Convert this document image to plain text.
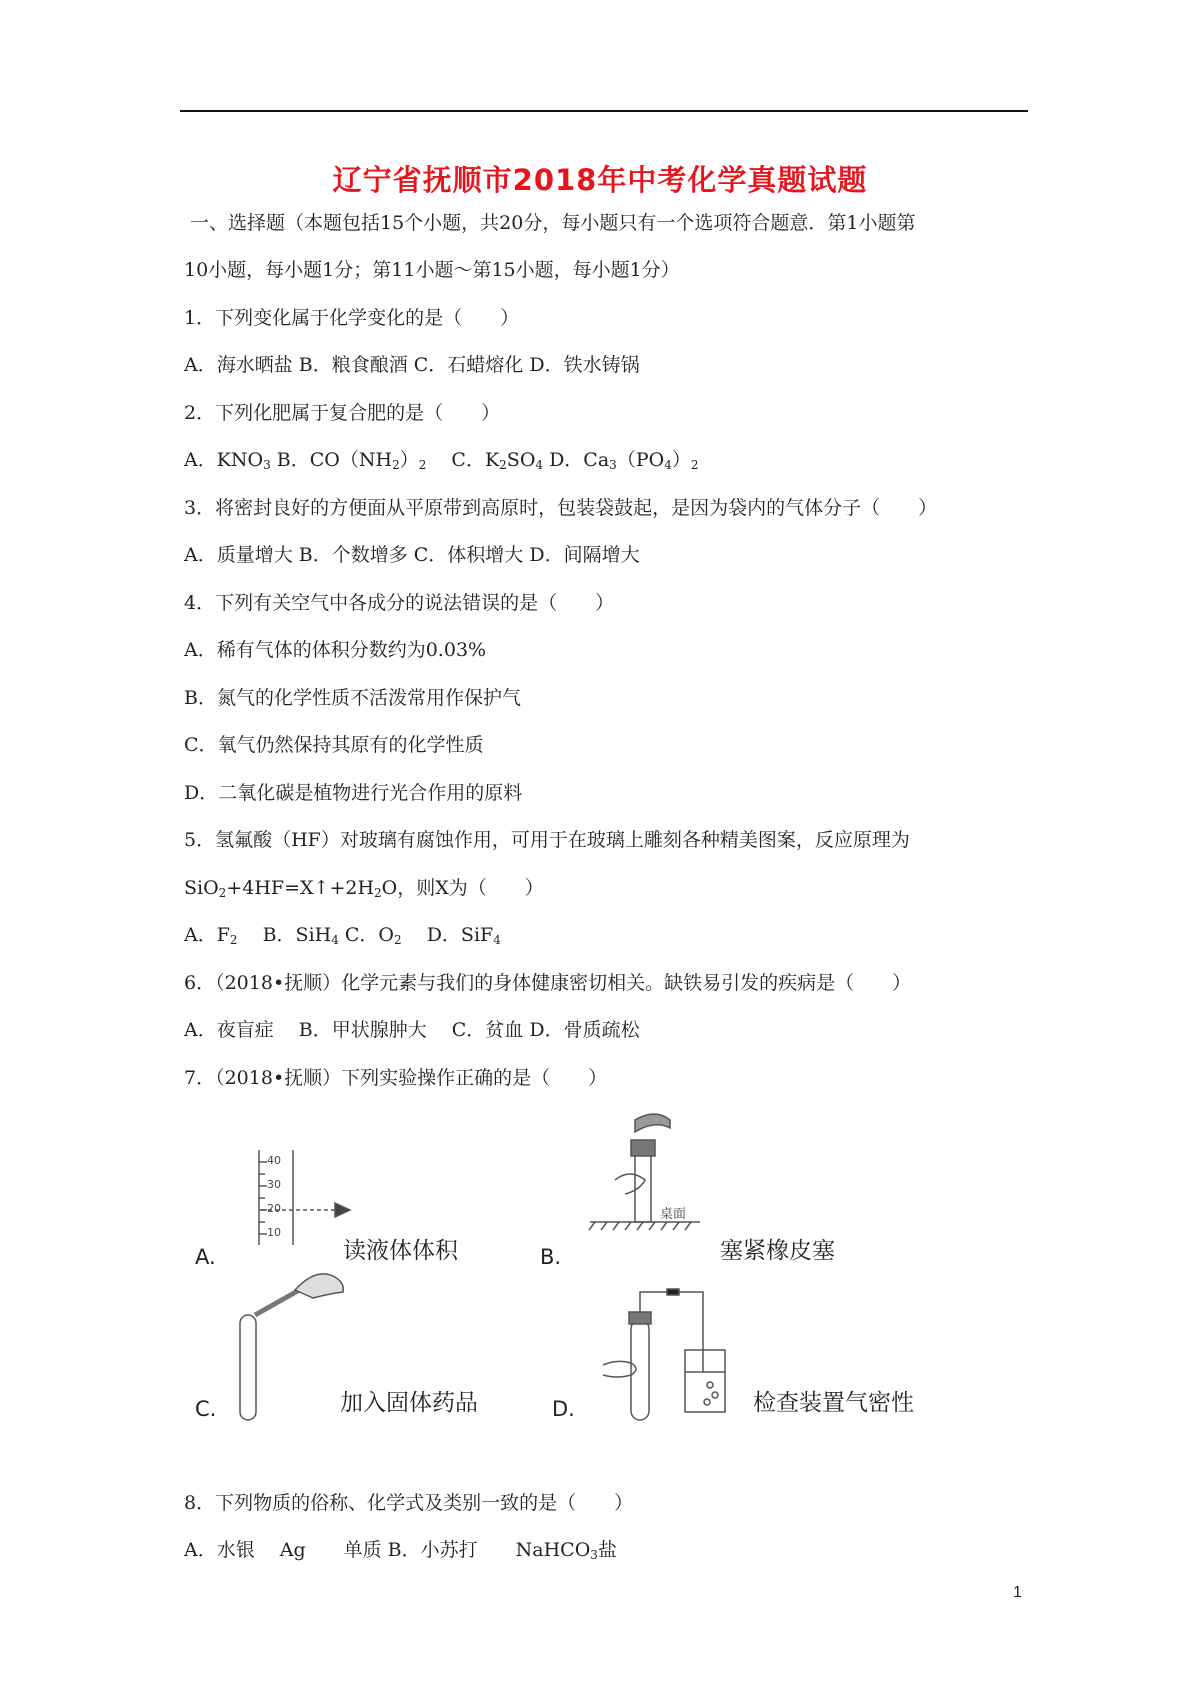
辽宁省抚顺市2018年中考化学真题试题
一、选择题（本题包括15个小题，共20分，每小题只有一个选项符合题意．第1小题第
10小题，每小题1分；第11小题～第15小题，每小题1分）
1．下列变化属于化学变化的是（　　）
A．海水晒盐 B．粮食酿酒 C．石蜡熔化 D．铁水铸锅
2．下列化肥属于复合肥的是（　　）
A．$KNO_3$ B．$CO(NH_2)_2$　 C．$K_2SO_4$ D．$Ca_3(PO_4)_2$
3．将密封良好的方便面从平原带到高原时，包装袋鼓起，是因为袋内的气体分子（　　）
A．质量增大 B．个数增多 C．体积增大 D．间隔增大
4．下列有关空气中各成分的说法错误的是（　　）
A．稀有气体的体积分数约为0.03%
B．氮气的化学性质不活泼常用作保护气
C．氧气仍然保持其原有的化学性质
D．二氧化碳是植物进行光合作用的原料
5．氢氟酸（HF）对玻璃有腐蚀作用，可用于在玻璃上雕刻各种精美图案，反应原理为
$SiO_2+4HF=X↑+2H_2O$，则X为（　　）
A．$F_2$　 B．SiH$_4$ C．$O_2$　 D．SiF$_4$
6．（2018•抚顺）化学元素与我们的身体健康密切相关。缺铁易引发的疾病是（　　）
A．夜盲症　 B．甲状腺肿大　 C．贫血 D．骨质疏松
7．（2018•抚顺）下列实验操作正确的是（　　）
40
30
20
10
桌面
A.	读液体体积	B.	塞紧橡皮塞
C.	加入固体药品	D.	检查装置气密性
8．下列物质的俗称、化学式及类别一致的是（　　）
A．水银　 Ag　　单质 B．小苏打　　NaHCO$_3$盐
1
